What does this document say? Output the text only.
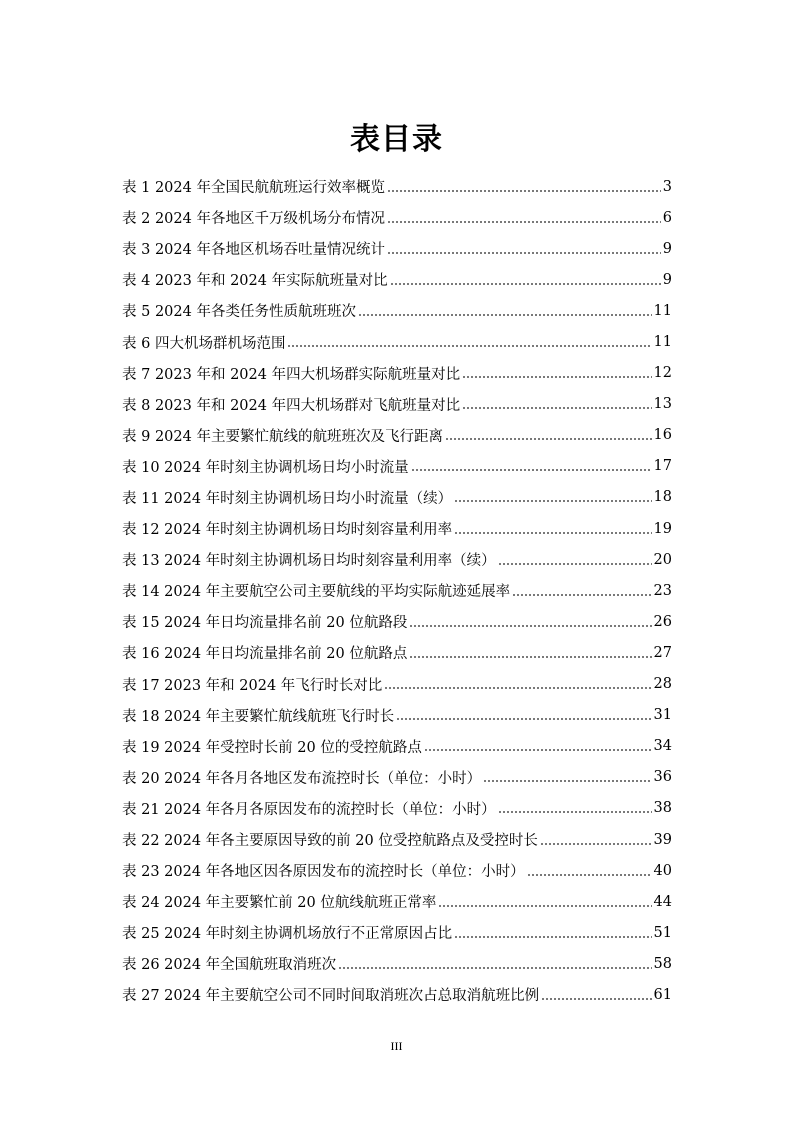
表目录
表 1 2024 年全国民航航班运行效率概览	3
表 2 2024 年各地区千万级机场分布情况	6
表 3 2024 年各地区机场吞吐量情况统计	9
表 4 2023 年和 2024 年实际航班量对比	9
表 5 2024 年各类任务性质航班班次	11
表 6 四大机场群机场范围	11
表 7 2023 年和 2024 年四大机场群实际航班量对比	12
表 8 2023 年和 2024 年四大机场群对飞航班量对比	13
表 9 2024 年主要繁忙航线的航班班次及飞行距离	16
表 10 2024 年时刻主协调机场日均小时流量	17
表 11 2024 年时刻主协调机场日均小时流量（续）	18
表 12 2024 年时刻主协调机场日均时刻容量利用率	19
表 13 2024 年时刻主协调机场日均时刻容量利用率（续）	20
表 14 2024 年主要航空公司主要航线的平均实际航迹延展率	23
表 15 2024 年日均流量排名前 20 位航路段	26
表 16 2024 年日均流量排名前 20 位航路点	27
表 17 2023 年和 2024 年飞行时长对比	28
表 18 2024 年主要繁忙航线航班飞行时长	31
表 19 2024 年受控时长前 20 位的受控航路点	34
表 20 2024 年各月各地区发布流控时长（单位：小时）	36
表 21 2024 年各月各原因发布的流控时长（单位：小时）	38
表 22 2024 年各主要原因导致的前 20 位受控航路点及受控时长	39
表 23 2024 年各地区因各原因发布的流控时长（单位：小时）	40
表 24 2024 年主要繁忙前 20 位航线航班正常率	44
表 25 2024 年时刻主协调机场放行不正常原因占比	51
表 26 2024 年全国航班取消班次	58
表 27 2024 年主要航空公司不同时间取消班次占总取消航班比例	61
III
